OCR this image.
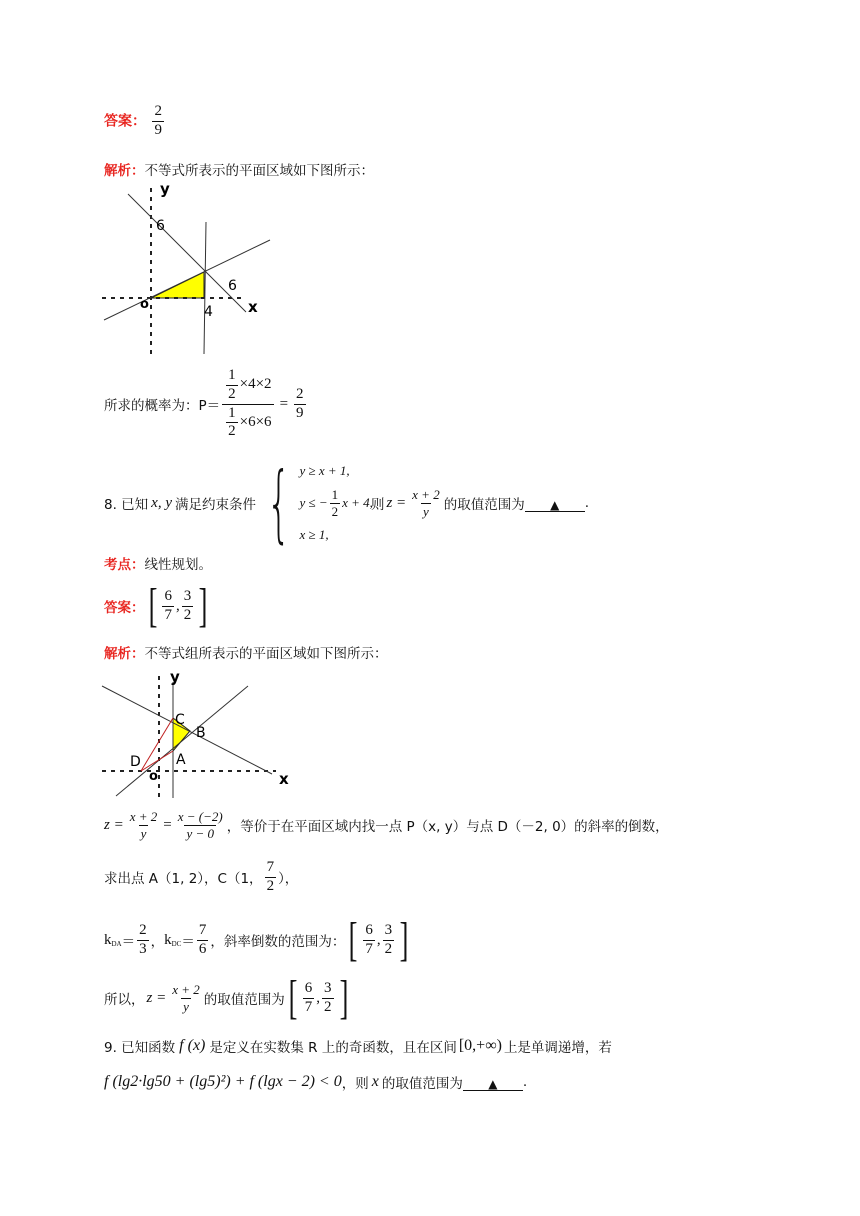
答案： $\frac{2}{9}$
解析：不等式所表示的平面区域如下图所示：
y
6
6
4
o	x
所求的概率为：$P= \frac{\frac{1}{2} \times 4\times 2}{\frac{1}{2} \times 6\times 6} = \frac{2}{9}$
8. 已知 x, y 满足约束条件 { y ≥ x + 1,
y ≤ − $\frac{1}{2}$ x + 4,
x ≥ 1,
则 $z = \frac{x + 2}{y}$ 的取值范围为	▲	.
考点：线性规划。
答案 ： [ $\frac{6}{7}$ , $\frac{3}{2}$ ]
解析：不等式组所表示的平面区域如下图所示：
y
C
B
A
D
o	x
$z = \frac{x + 2}{y} = \frac{x - (-2)}{y - 0}$ ，等价于在平面区域内找一点 P（x, y）与点 D（－2, 0）的斜率的倒数，
求出点 A（1, 2），C（1， $\frac{7}{2}$ ），
$k_{DA} = \frac{2}{3}$ ， $k_{DC} = \frac{7}{6}$ ，斜率倒数的范围为： [ $\frac{6}{7}$ , $\frac{3}{2}$ ]
所以， $z = \frac{x + 2}{y}$ 的取值范围为 [ $\frac{6}{7}$ , $\frac{3}{2}$ ]
9. 已知函数 f (x) 是定义在实数集 R 上的奇函数，且在区间 [0,+∞) 上是单调递增，若
f (lg2·lg50 + (lg5)²) + f (lgx − 2) < 0 ，则 x 的取值范围为	▲	.
